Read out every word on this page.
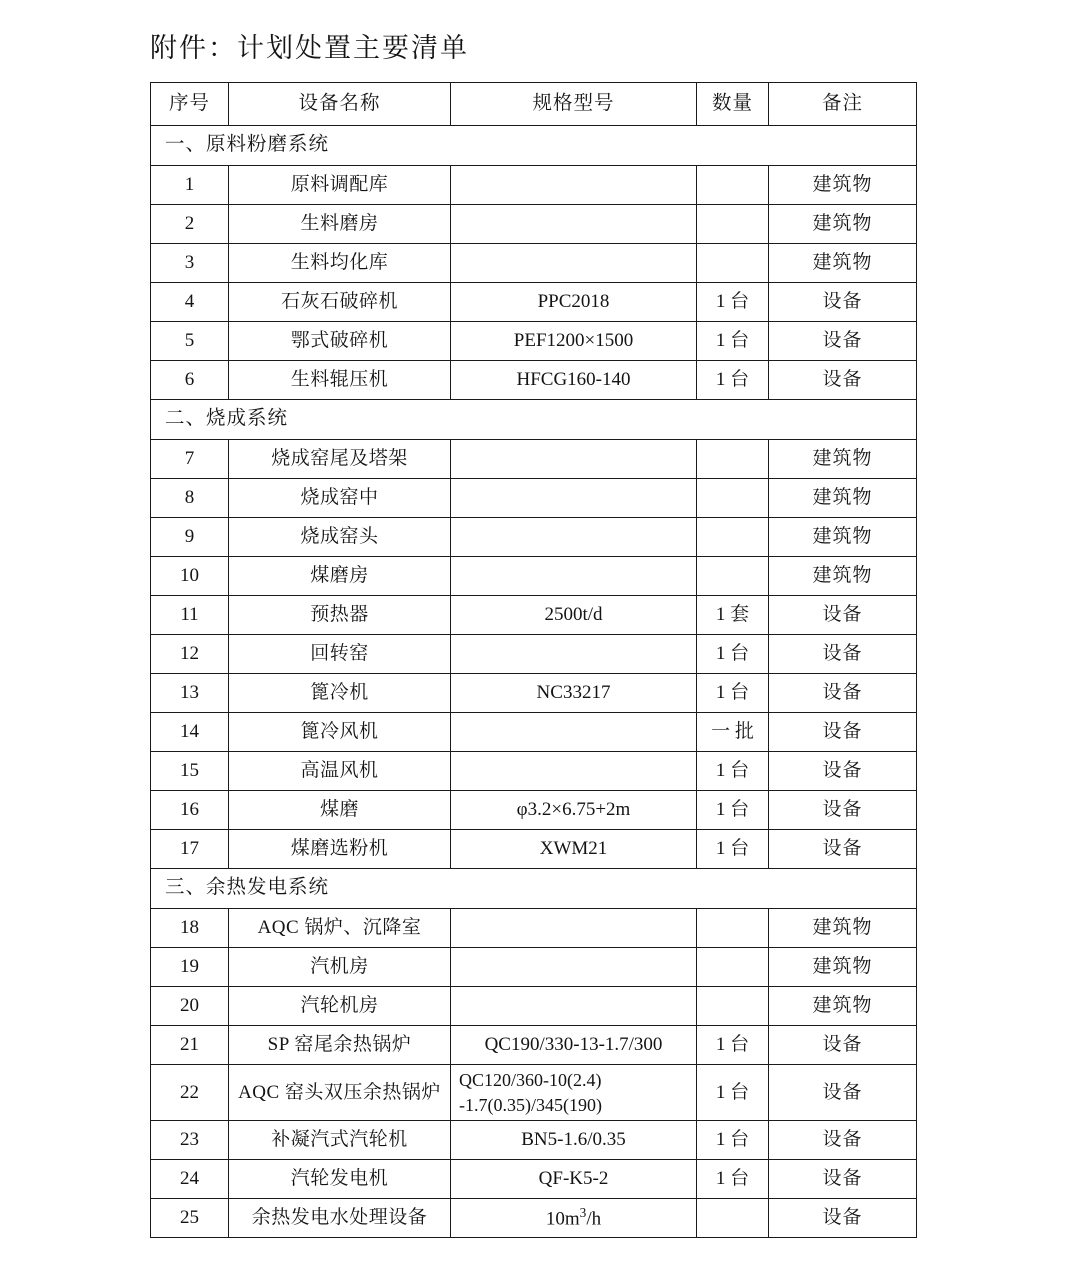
附件：计划处置主要清单
序号	设备名称	规格型号	数量	备注
一、原料粉磨系统				
1	原料调配库			建筑物
2	生料磨房			建筑物
3	生料均化库			建筑物
4	石灰石破碎机	PPC2018	1 台	设备
5	鄂式破碎机	PEF1200×1500	1 台	设备
6	生料辊压机	HFCG160-140	1 台	设备
二、烧成系统				
7	烧成窑尾及塔架			建筑物
8	烧成窑中			建筑物
9	烧成窑头			建筑物
10	煤磨房			建筑物
11	预热器	2500t/d	1 套	设备
12	回转窑		1 台	设备
13	篦冷机	NC33217	1 台	设备
14	篦冷风机		一 批	设备
15	高温风机		1 台	设备
16	煤磨	φ3.2×6.75+2m	1 台	设备
17	煤磨选粉机	XWM21	1 台	设备
三、余热发电系统				
18	AQC 锅炉、沉降室			建筑物
19	汽机房			建筑物
20	汽轮机房			建筑物
21	SP 窑尾余热锅炉	QC190/330-13-1.7/300	1 台	设备
22	AQC 窑头双压余热锅炉	QC120/360-10(2.4)
-1.7(0.35)/345(190)	1 台	设备
23	补凝汽式汽轮机	BN5-1.6/0.35	1 台	设备
24	汽轮发电机	QF-K5-2	1 台	设备
25	余热发电水处理设备	$10m^3/h$		设备
